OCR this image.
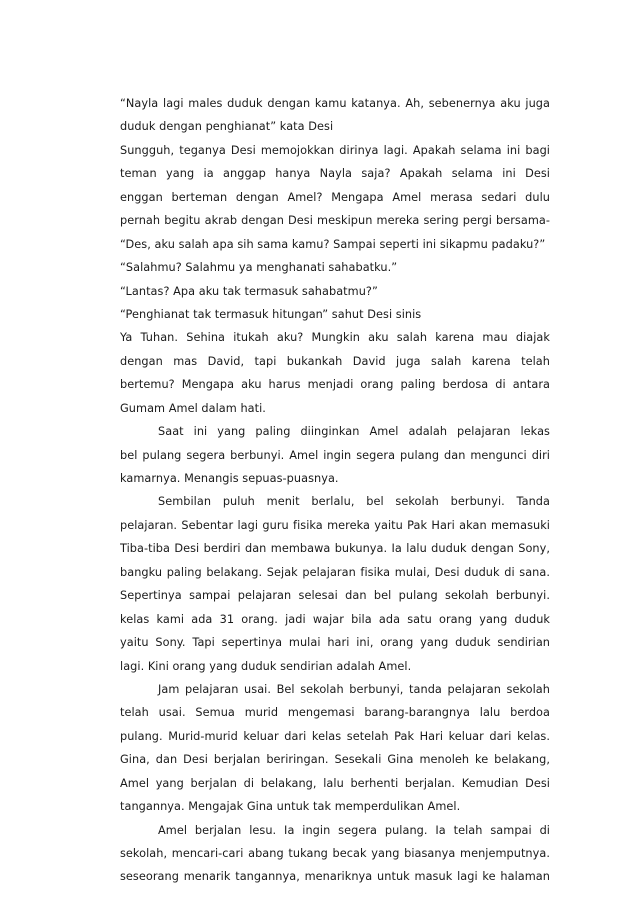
“Nayla lagi males duduk dengan kamu katanya. Ah, sebenernya aku juga
duduk dengan penghianat” kata Desi
Sungguh, teganya Desi memojokkan dirinya lagi. Apakah selama ini bagi
teman yang ia anggap hanya Nayla saja? Apakah selama ini Desi
enggan berteman dengan Amel? Mengapa Amel merasa sedari dulu
pernah begitu akrab dengan Desi meskipun mereka sering pergi bersama-
“Des, aku salah apa sih sama kamu? Sampai seperti ini sikapmu padaku?”
“Salahmu? Salahmu ya menghanati sahabatku.”
“Lantas? Apa aku tak termasuk sahabatmu?”
“Penghianat tak termasuk hitungan” sahut Desi sinis
Ya Tuhan. Sehina itukah aku? Mungkin aku salah karena mau diajak
dengan mas David, tapi bukankah David juga salah karena telah
bertemu? Mengapa aku harus menjadi orang paling berdosa di antara
Gumam Amel dalam hati.
Saat ini yang paling diinginkan Amel adalah pelajaran lekas
bel pulang segera berbunyi. Amel ingin segera pulang dan mengunci diri
kamarnya. Menangis sepuas-puasnya.
Sembilan puluh menit berlalu, bel sekolah berbunyi. Tanda
pelajaran. Sebentar lagi guru fisika mereka yaitu Pak Hari akan memasuki
Tiba-tiba Desi berdiri dan membawa bukunya. Ia lalu duduk dengan Sony,
bangku paling belakang. Sejak pelajaran fisika mulai, Desi duduk di sana.
Sepertinya sampai pelajaran selesai dan bel pulang sekolah berbunyi.
kelas kami ada 31 orang. jadi wajar bila ada satu orang yang duduk
yaitu Sony. Tapi sepertinya mulai hari ini, orang yang duduk sendirian
lagi. Kini orang yang duduk sendirian adalah Amel.
Jam pelajaran usai. Bel sekolah berbunyi, tanda pelajaran sekolah
telah usai. Semua murid mengemasi barang-barangnya lalu berdoa
pulang. Murid-murid keluar dari kelas setelah Pak Hari keluar dari kelas.
Gina, dan Desi berjalan beriringan. Sesekali Gina menoleh ke belakang,
Amel yang berjalan di belakang, lalu berhenti berjalan. Kemudian Desi
tangannya. Mengajak Gina untuk tak memperdulikan Amel.
Amel berjalan lesu. Ia ingin segera pulang. Ia telah sampai di
sekolah, mencari-cari abang tukang becak yang biasanya menjemputnya.
seseorang menarik tangannya, menariknya untuk masuk lagi ke halaman
